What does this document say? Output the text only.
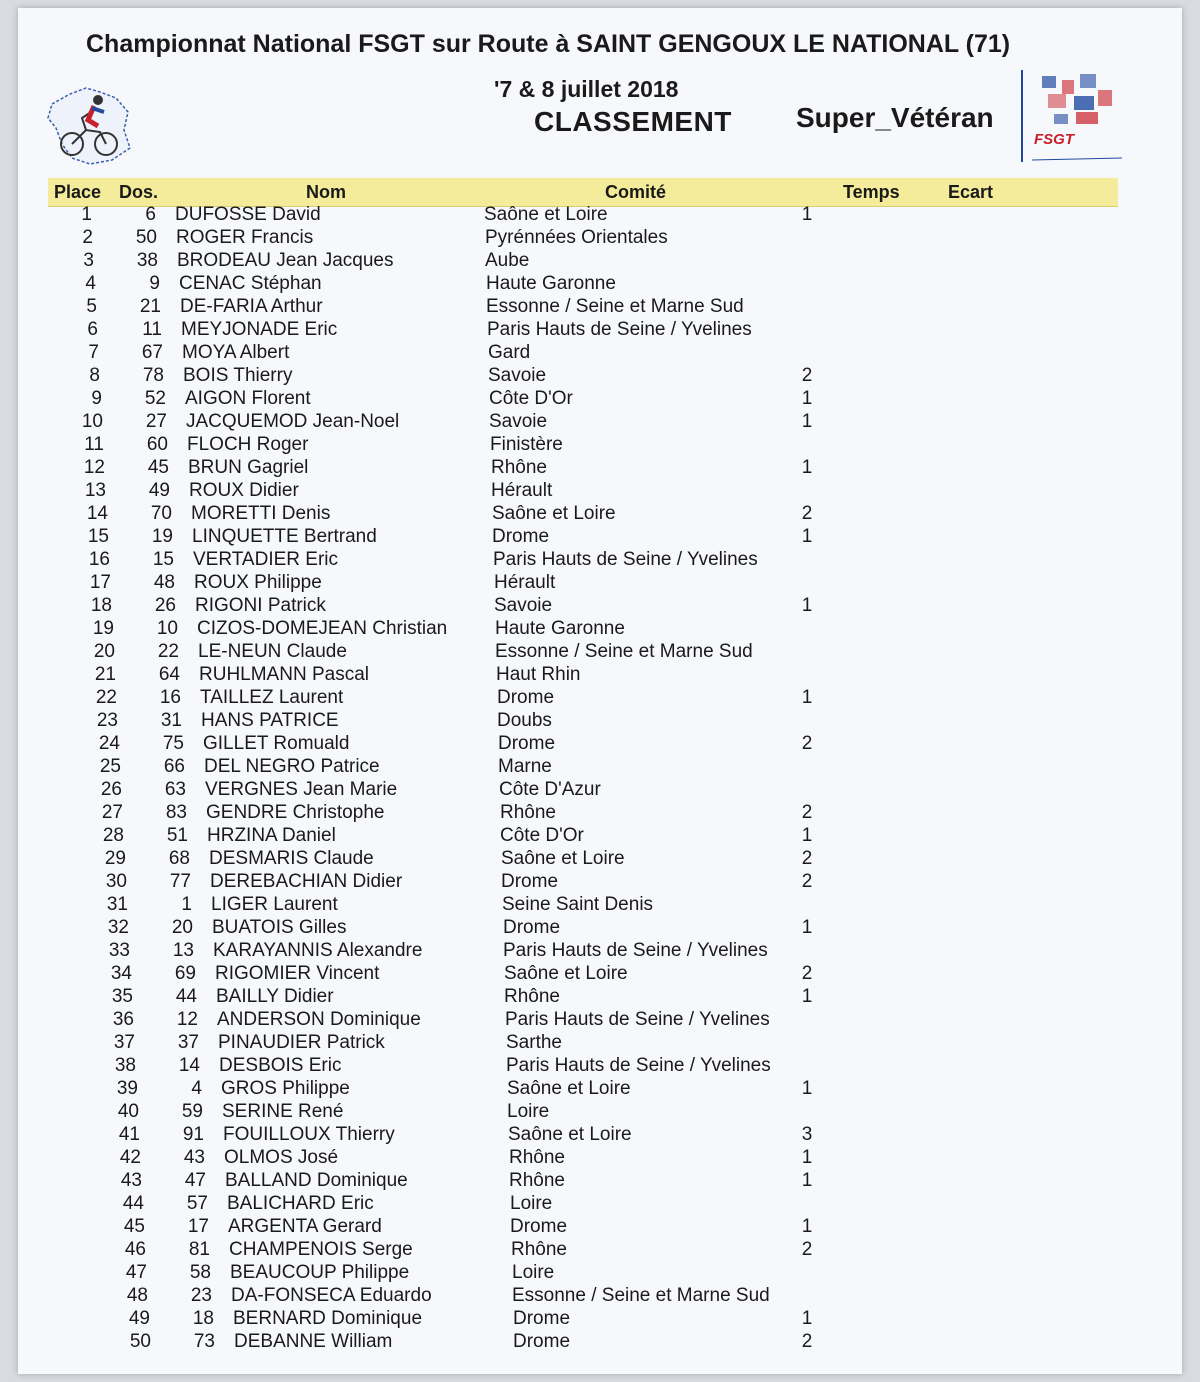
Championnat National FSGT sur Route à SAINT GENGOUX LE NATIONAL (71)
'7 & 8 juillet 2018
CLASSEMENT Super_Vétéran
FSGT
Place Dos.	Nom	Comité	Temps	Ecart
1	6 DUFOSSE David	Saône et Loire	1
2	50 ROGER Francis	Pyrénnées Orientales
3	38 BRODEAU Jean Jacques	Aube
4	9 CENAC Stéphan	Haute Garonne
5	21 DE-FARIA Arthur	Essonne / Seine et Marne Sud
6	11 MEYJONADE Eric	Paris Hauts de Seine / Yvelines
7	67 MOYA Albert	Gard
8	78 BOIS Thierry	Savoie	2
9	52 AIGON Florent	Côte D'Or	1
10	27 JACQUEMOD Jean-Noel	Savoie	1
11	60 FLOCH Roger	Finistère
12	45 BRUN Gagriel	Rhône	1
13	49 ROUX Didier	Hérault
14	70 MORETTI Denis	Saône et Loire	2
15	19 LINQUETTE Bertrand	Drome	1
16	15 VERTADIER Eric	Paris Hauts de Seine / Yvelines
17	48 ROUX Philippe	Hérault
18	26 RIGONI Patrick	Savoie	1
19	10 CIZOS-DOMEJEAN Christian	Haute Garonne
20	22 LE-NEUN Claude	Essonne / Seine et Marne Sud
21	64 RUHLMANN Pascal	Haut Rhin
22	16 TAILLEZ Laurent	Drome	1
23	31 HANS PATRICE	Doubs
24	75 GILLET Romuald	Drome	2
25	66 DEL NEGRO Patrice	Marne
26	63 VERGNES Jean Marie	Côte D'Azur
27	83 GENDRE Christophe	Rhône	2
28	51 HRZINA Daniel	Côte D'Or	1
29	68 DESMARIS Claude	Saône et Loire	2
30	77 DEREBACHIAN Didier	Drome	2
31	1 LIGER Laurent	Seine Saint Denis
32	20 BUATOIS Gilles	Drome	1
33	13 KARAYANNIS Alexandre	Paris Hauts de Seine / Yvelines
34	69 RIGOMIER Vincent	Saône et Loire	2
35	44 BAILLY Didier	Rhône	1
36	12 ANDERSON Dominique	Paris Hauts de Seine / Yvelines
37	37 PINAUDIER Patrick	Sarthe
38	14 DESBOIS Eric	Paris Hauts de Seine / Yvelines
39	4 GROS Philippe	Saône et Loire	1
40	59 SERINE René	Loire
41	91 FOUILLOUX Thierry	Saône et Loire	3
42	43 OLMOS José	Rhône	1
43	47 BALLAND Dominique	Rhône	1
44	57 BALICHARD Eric	Loire
45	17 ARGENTA Gerard	Drome	1
46	81 CHAMPENOIS Serge	Rhône	2
47	58 BEAUCOUP Philippe	Loire
48	23 DA-FONSECA Eduardo	Essonne / Seine et Marne Sud
49	18 BERNARD Dominique	Drome	1
50	73 DEBANNE William	Drome	2
